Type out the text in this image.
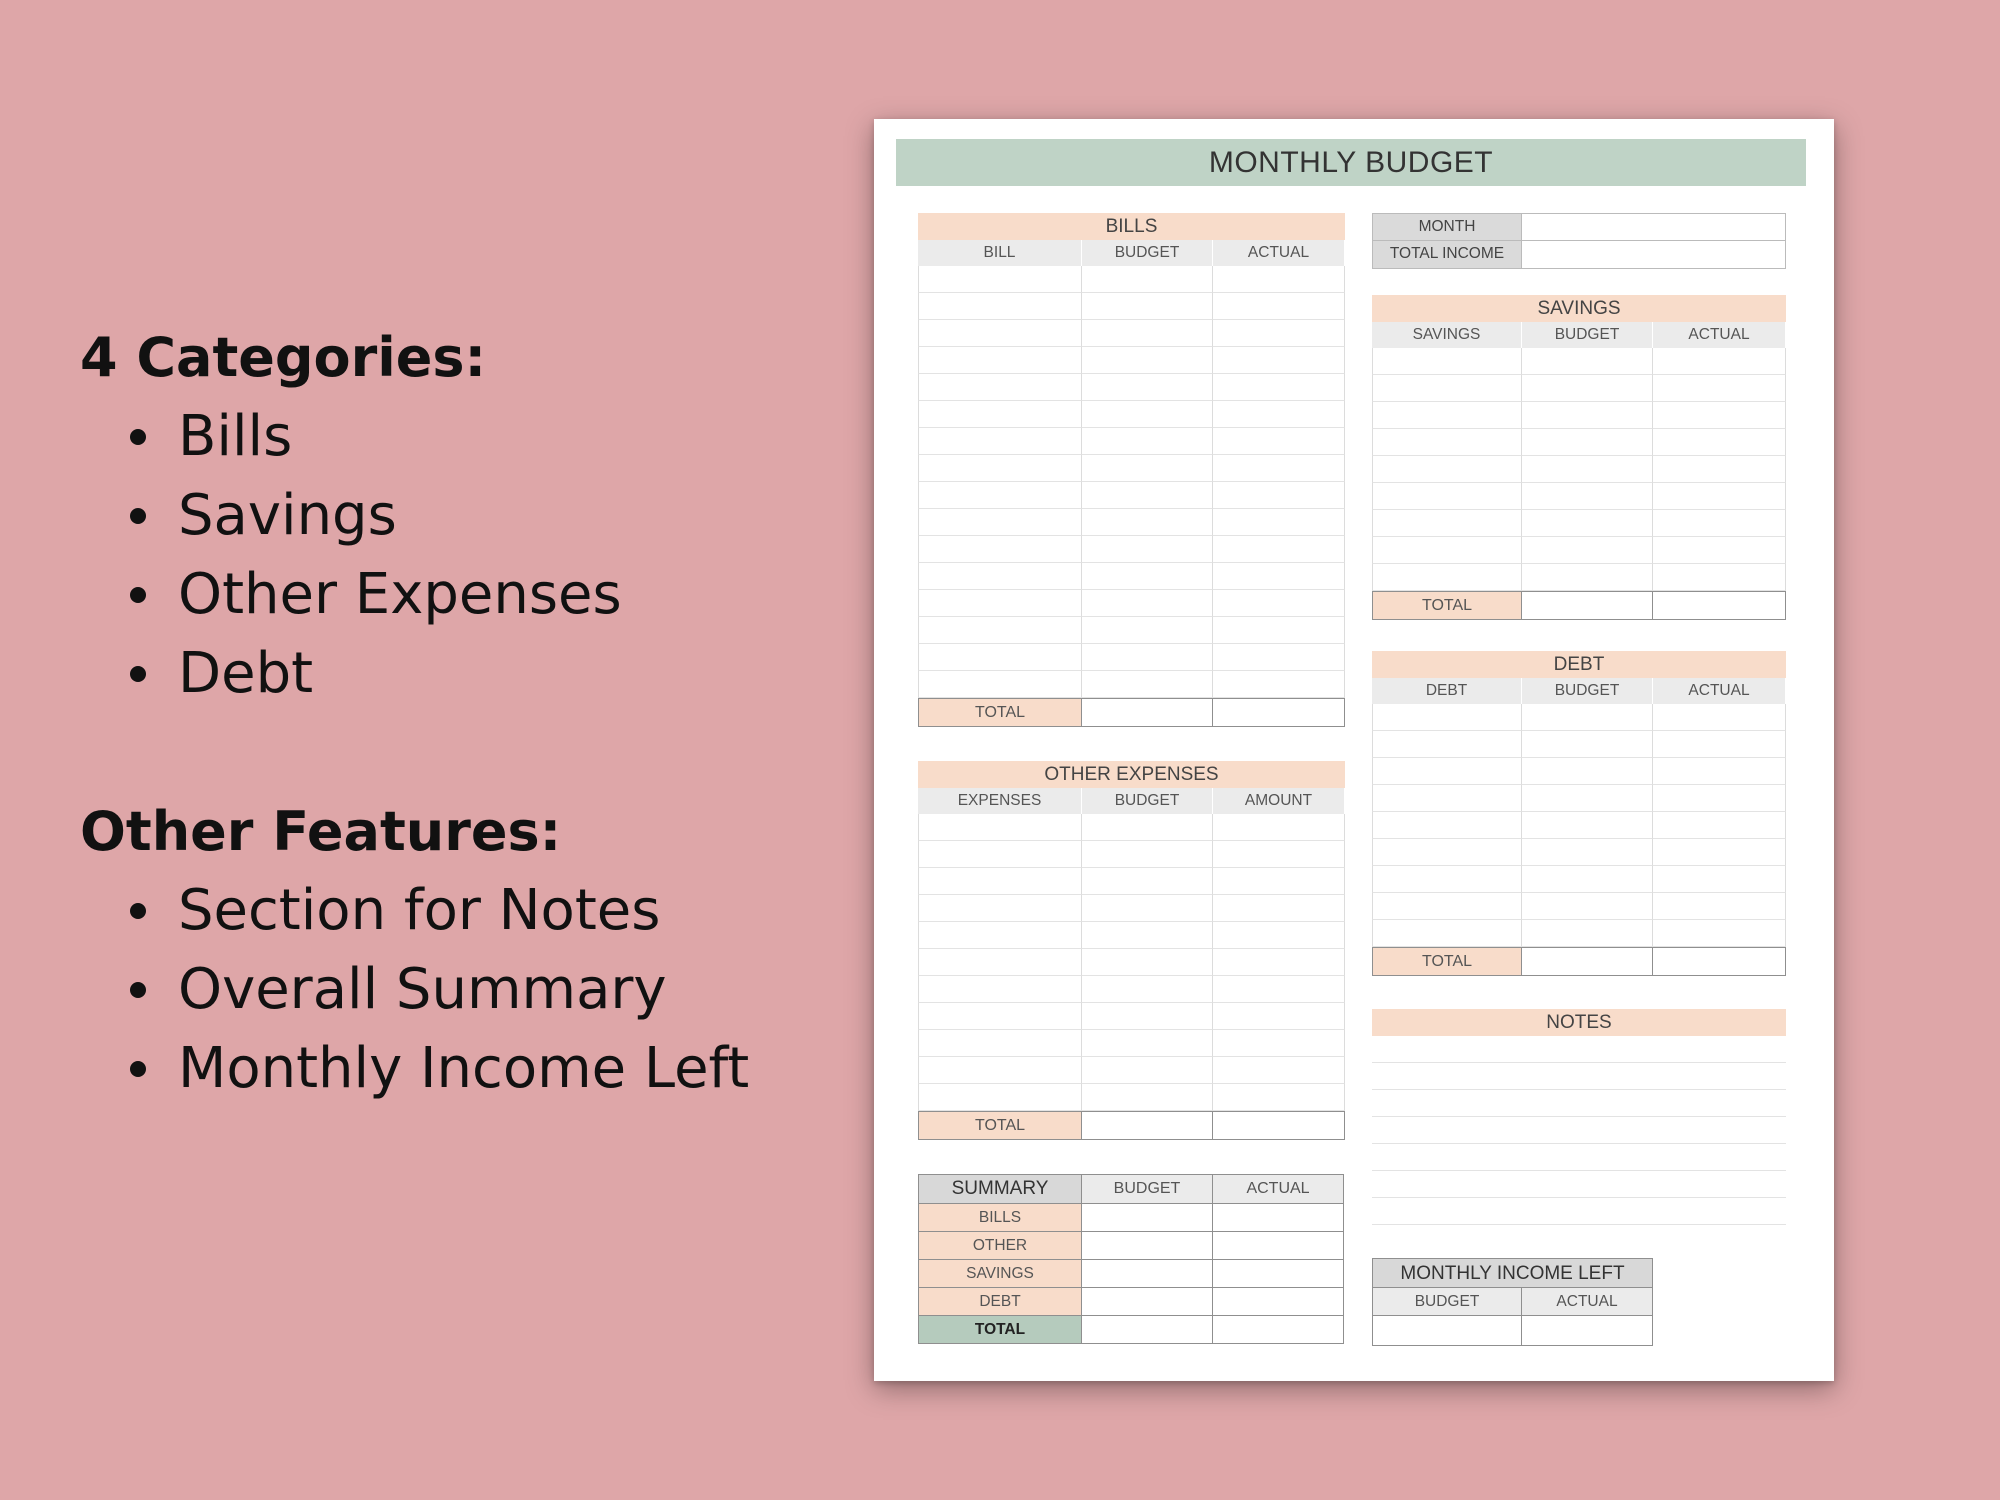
4 Categories:
Bills
Savings
Other Expenses
Debt
Other Features:
Section for Notes
Overall Summary
Monthly Income Left
MONTHLY BUDGET
BILLS
BILL	BUDGET	ACTUAL
TOTAL
OTHER EXPENSES
EXPENSES	BUDGET	AMOUNT
TOTAL
SUMMARY	BUDGET	ACTUAL
BILLS
OTHER
SAVINGS
DEBT
TOTAL
MONTH
TOTAL INCOME
SAVINGS
SAVINGS	BUDGET	ACTUAL
TOTAL
DEBT
DEBT	BUDGET	ACTUAL
TOTAL
NOTES
MONTHLY INCOME LEFT
BUDGET	ACTUAL
